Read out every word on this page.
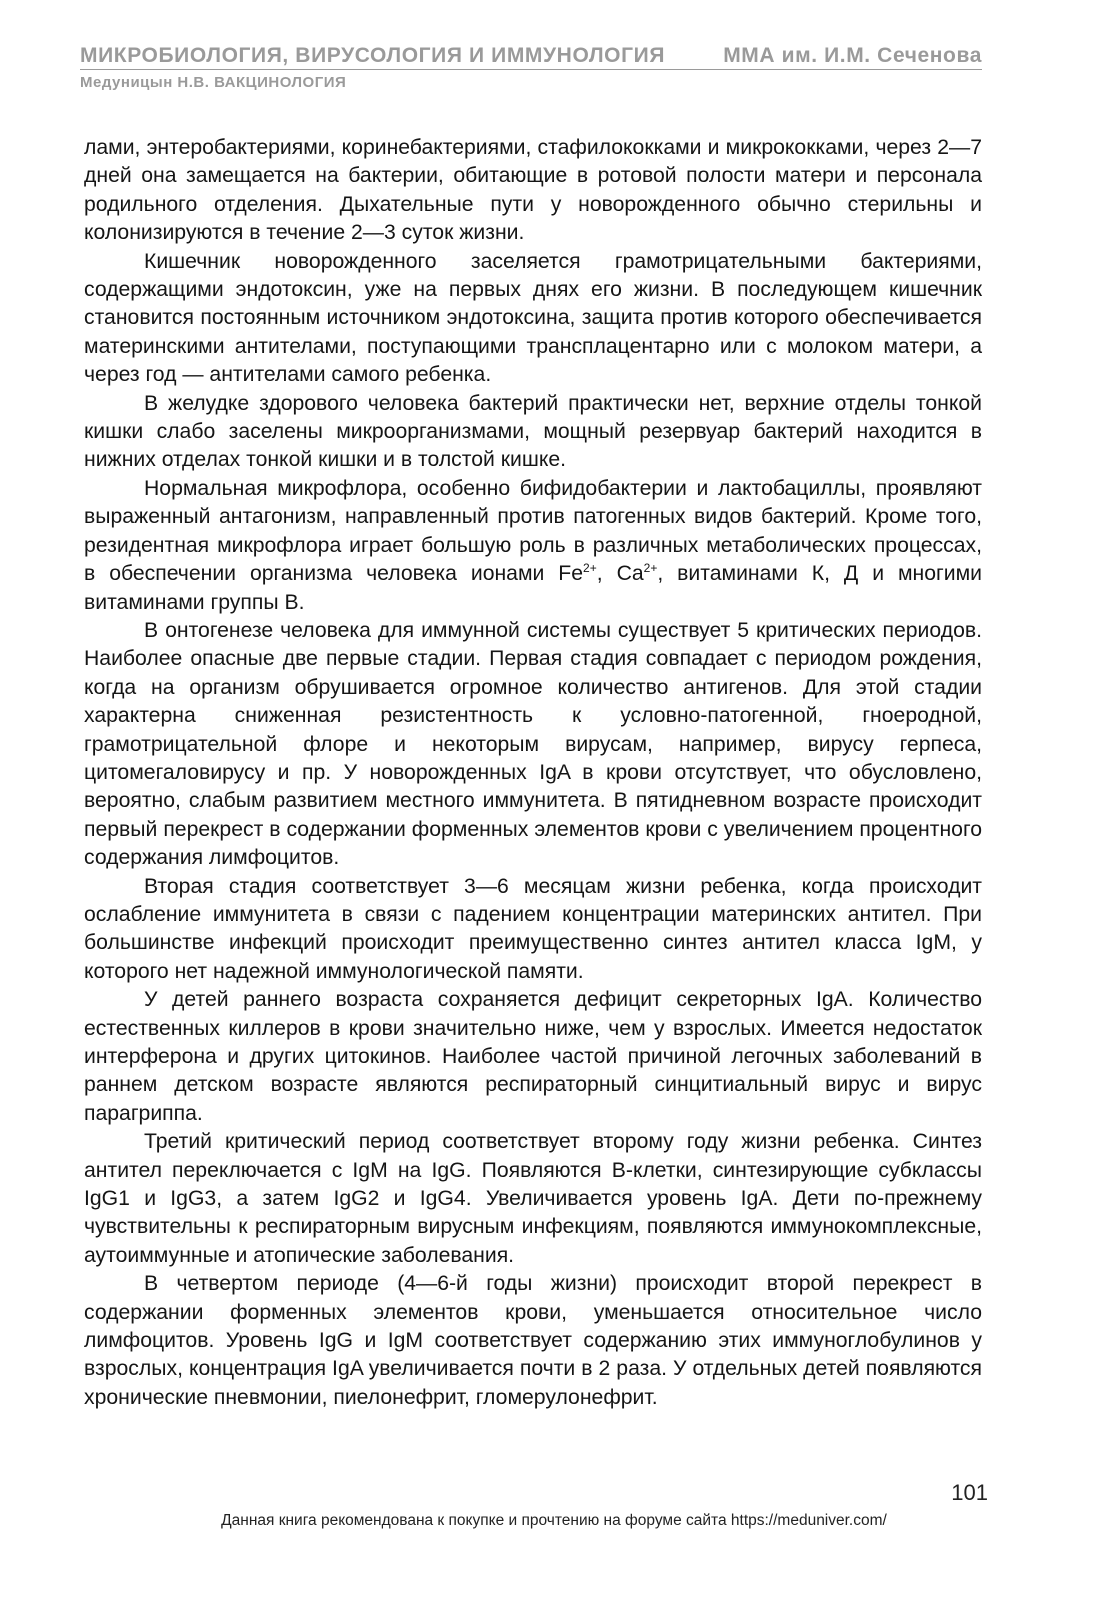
МИКРОБИОЛОГИЯ, ВИРУСОЛОГИЯ И ИММУНОЛОГИЯ	ММА им. И.М. Сеченова
Медуницын Н.В. ВАКЦИНОЛОГИЯ

лами, энтеробактериями, коринебактериями, стафилококками и микрококками, через 2—7 дней она замещается на бактерии, обитающие в ротовой полости матери и персонала родильного отделения. Дыхательные пути у новорожденного обычно стерильны и колонизируются в течение 2—3 суток жизни.

Кишечник новорожденного заселяется грамотрицательными бактериями, содержащими эндотоксин, уже на первых днях его жизни. В последующем кишечник становится постоянным источником эндотоксина, защита против которого обеспечивается материнскими антителами, поступающими трансплацентарно или с молоком матери, а через год — антителами самого ребенка.

В желудке здорового человека бактерий практически нет, верхние отделы тонкой кишки слабо заселены микроорганизмами, мощный резервуар бактерий находится в нижних отделах тонкой кишки и в толстой кишке.

Нормальная микрофлора, особенно бифидобактерии и лактобациллы, проявляют выраженный антагонизм, направленный против патогенных видов бактерий. Кроме того, резидентная микрофлора играет большую роль в различных метаболических процессах, в обеспечении организма человека ионами $Fe^{2+}$, $Ca^{2+}$, витаминами К, Д и многими витаминами группы В.

В онтогенезе человека для иммунной системы существует 5 критических периодов. Наиболее опасные две первые стадии. Первая стадия совпадает с периодом рождения, когда на организм обрушивается огромное количество антигенов. Для этой стадии характерна сниженная резистентность к условно-патогенной, гноеродной, грамотрицательной флоре и некоторым вирусам, например, вирусу герпеса, цитомегаловирусу и пр. У новорожденных IgA в крови отсутствует, что обусловлено, вероятно, слабым развитием местного иммунитета. В пятидневном возрасте происходит первый перекрест в содержании форменных элементов крови с увеличением процентного содержания лимфоцитов.

Вторая стадия соответствует 3—6 месяцам жизни ребенка, когда происходит ослабление иммунитета в связи с падением концентрации материнских антител. При большинстве инфекций происходит преимущественно синтез антител класса IgM, у которого нет надежной иммунологической памяти.

У детей раннего возраста сохраняется дефицит секреторных IgA. Количество естественных киллеров в крови значительно ниже, чем у взрослых. Имеется недостаток интерферона и других цитокинов. Наиболее частой причиной легочных заболеваний в раннем детском возрасте являются респираторный синцитиальный вирус и вирус парагриппа.

Третий критический период соответствует второму году жизни ребенка. Синтез антител переключается с IgM на IgG. Появляются В-клетки, синтезирующие субклассы IgG1 и IgG3, а затем IgG2 и IgG4. Увеличивается уровень IgA. Дети по-прежнему чувствительны к респираторным вирусным инфекциям, появляются иммунокомплексные, аутоиммунные и атопические заболевания.

В четвертом периоде (4—6-й годы жизни) происходит второй перекрест в содержании форменных элементов крови, уменьшается относительное число лимфоцитов. Уровень IgG и IgM соответствует содержанию этих иммуноглобулинов у взрослых, концентрация IgA увеличивается почти в 2 раза. У отдельных детей появляются хронические пневмонии, пиелонефрит, гломерулонефрит.

101
Данная книга рекомендована к покупке и прочтению на форуме сайта https://meduniver.com/
